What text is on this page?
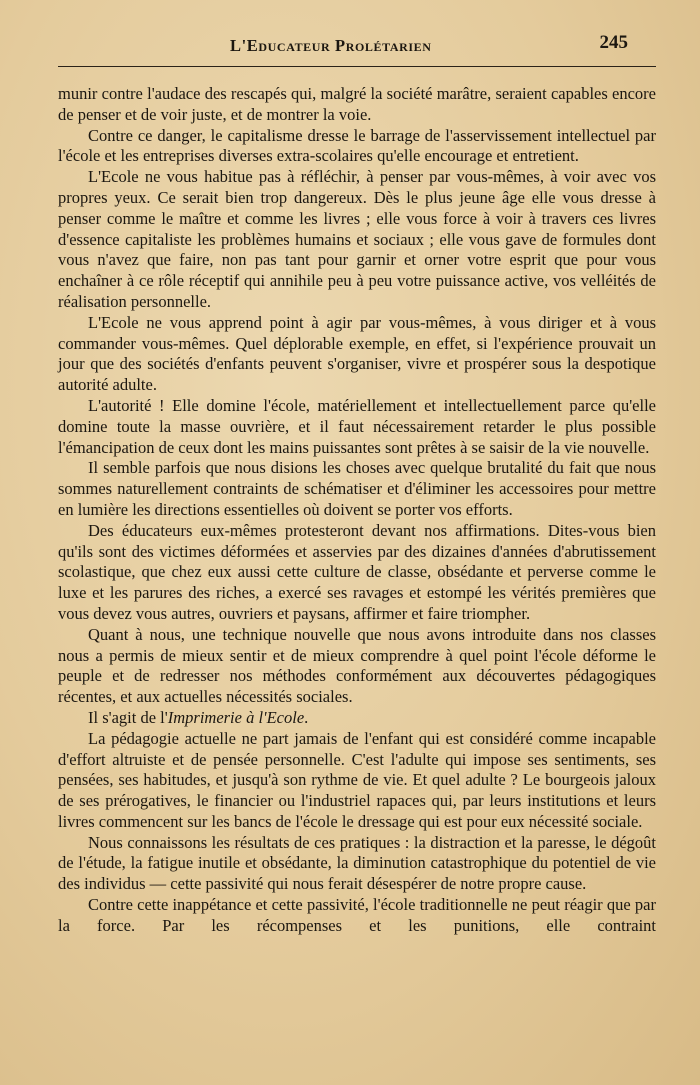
L'Educateur Prolétarien	245

munir contre l'audace des rescapés qui, malgré la société marâtre, seraient capables encore de penser et de voir juste, et de montrer la voie.

Contre ce danger, le capitalisme dresse le barrage de l'asservissement intellectuel par l'école et les entreprises diverses extra-scolaires qu'elle encourage et entretient.

L'Ecole ne vous habitue pas à réfléchir, à penser par vous-mêmes, à voir avec vos propres yeux. Ce serait bien trop dangereux. Dès le plus jeune âge elle vous dresse à penser comme le maître et comme les livres ; elle vous force à voir à travers ces livres d'essence capitaliste les problèmes humains et sociaux ; elle vous gave de formules dont vous n'avez que faire, non pas tant pour garnir et orner votre esprit que pour vous enchaîner à ce rôle réceptif qui annihile peu à peu votre puissance active, vos velléités de réalisation personnelle.

L'Ecole ne vous apprend point à agir par vous-mêmes, à vous diriger et à vous commander vous-mêmes. Quel déplorable exemple, en effet, si l'expérience prouvait un jour que des sociétés d'enfants peuvent s'organiser, vivre et prospérer sous la despotique autorité adulte.

L'autorité ! Elle domine l'école, matériellement et intellectuellement parce qu'elle domine toute la masse ouvrière, et il faut nécessairement retarder le plus possible l'émancipation de ceux dont les mains puissantes sont prêtes à se saisir de la vie nouvelle.

Il semble parfois que nous disions les choses avec quelque brutalité du fait que nous sommes naturellement contraints de schématiser et d'éliminer les accessoires pour mettre en lumière les directions essentielles où doivent se porter vos efforts.

Des éducateurs eux-mêmes protesteront devant nos affirmations. Dites-vous bien qu'ils sont des victimes déformées et asservies par des dizaines d'années d'abrutissement scolastique, que chez eux aussi cette culture de classe, obsédante et perverse comme le luxe et les parures des riches, a exercé ses ravages et estompé les vérités premières que vous devez vous autres, ouvriers et paysans, affirmer et faire triompher.

Quant à nous, une technique nouvelle que nous avons introduite dans nos classes nous a permis de mieux sentir et de mieux comprendre à quel point l'école déforme le peuple et de redresser nos méthodes conformément aux découvertes pédagogiques récentes, et aux actuelles nécessités sociales.

Il s'agit de l'Imprimerie à l'Ecole.

La pédagogie actuelle ne part jamais de l'enfant qui est considéré comme incapable d'effort altruiste et de pensée personnelle. C'est l'adulte qui impose ses sentiments, ses pensées, ses habitudes, et jusqu'à son rythme de vie. Et quel adulte ? Le bourgeois jaloux de ses prérogatives, le financier ou l'industriel rapaces qui, par leurs institutions et leurs livres commencent sur les bancs de l'école le dressage qui est pour eux nécessité sociale.

Nous connaissons les résultats de ces pratiques : la distraction et la paresse, le dégoût de l'étude, la fatigue inutile et obsédante, la diminution catastrophique du potentiel de vie des individus — cette passivité qui nous ferait désespérer de notre propre cause.

Contre cette inappétance et cette passivité, l'école traditionnelle ne peut réagir que par la force. Par les récompenses et les punitions, elle contraint
